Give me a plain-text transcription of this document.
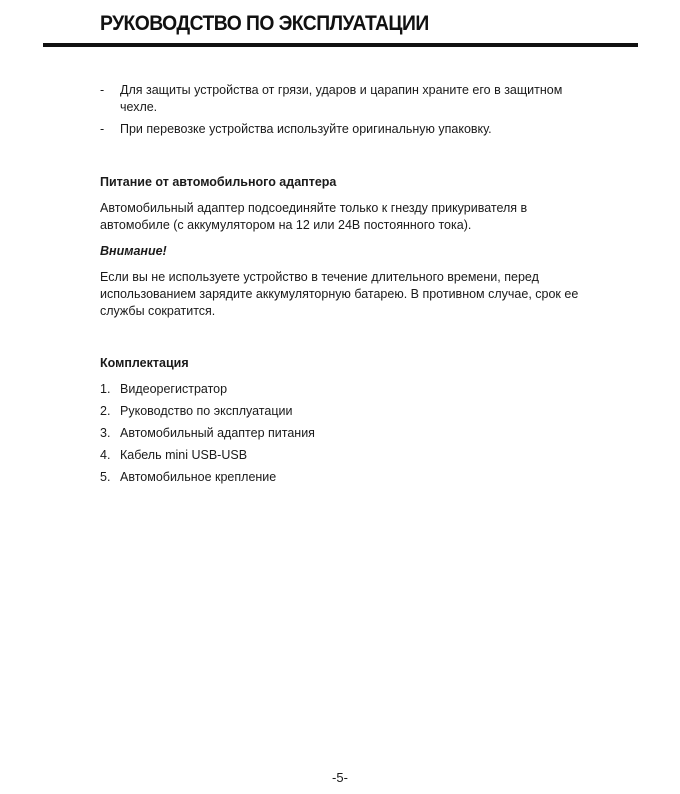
РУКОВОДСТВО ПО ЭКСПЛУАТАЦИИ
- Для защиты устройства от грязи, ударов и царапин храните его в защитном чехле.
- При перевозке устройства используйте оригинальную упаковку.

Питание от автомобильного адаптера

Автомобильный адаптер подсоединяйте только к гнезду прикуривателя в автомобиле (с аккумулятором на 12 или 24В постоянного тока).

Внимание!

Если вы не используете устройство в течение длительного времени, перед использованием зарядите аккумуляторную батарею. В противном случае, срок ее службы сократится.

Комплектация

1. Видеорегистратор
2. Руководство по эксплуатации
3. Автомобильный адаптер питания
4. Кабель mini USB-USB
5. Автомобильное крепление
-5-
